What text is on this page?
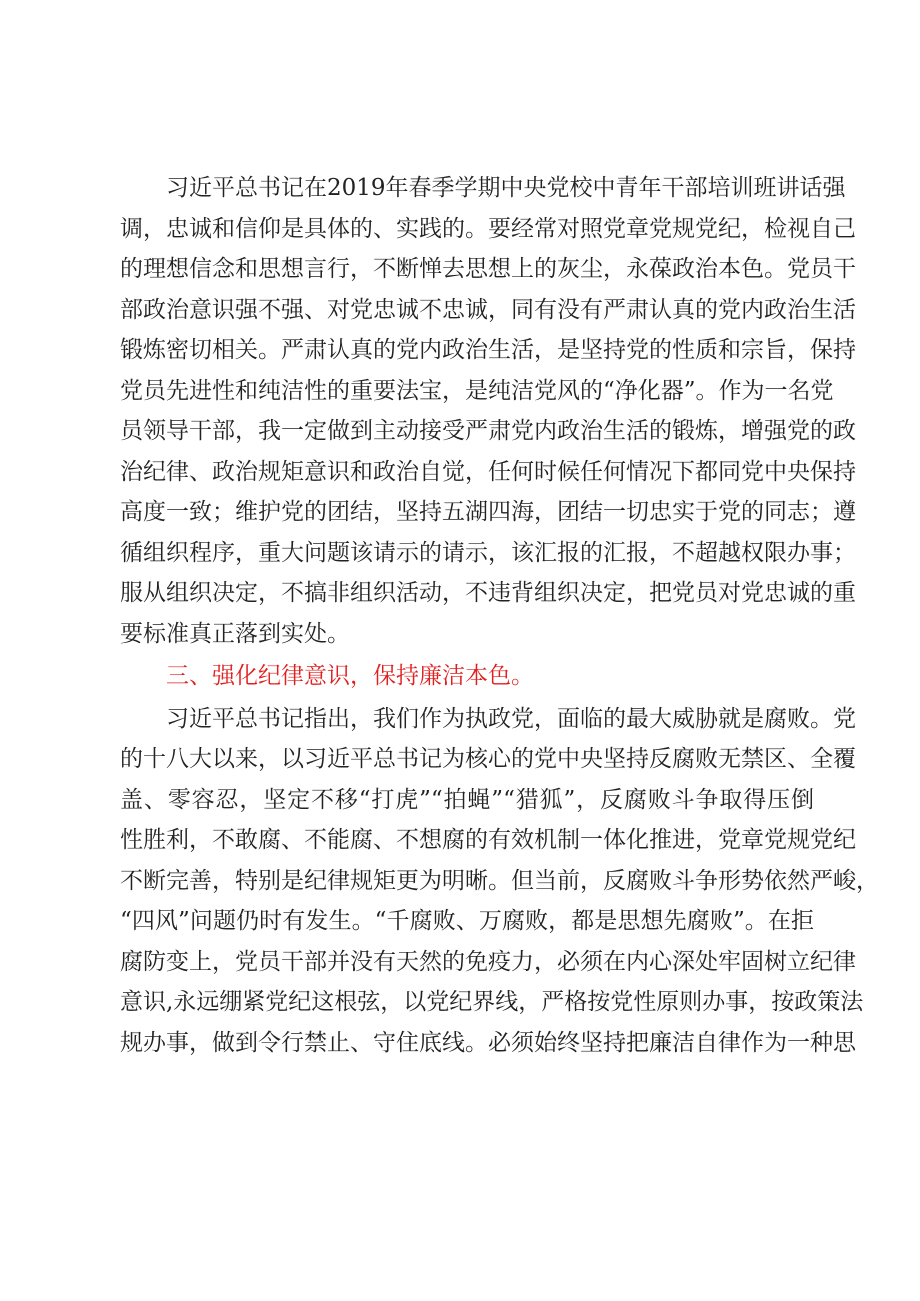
习近平总书记在2019年春季学期中央党校中青年干部培训班讲话强
调，忠诚和信仰是具体的、实践的。要经常对照党章党规党纪，检视自己
的理想信念和思想言行，不断惮去思想上的灰尘，永葆政治本色。党员干
部政治意识强不强、对党忠诚不忠诚，同有没有严肃认真的党内政治生活
锻炼密切相关。严肃认真的党内政治生活，是坚持党的性质和宗旨，保持
党员先进性和纯洁性的重要法宝，是纯洁党风的“净化器”。作为一名党
员领导干部，我一定做到主动接受严肃党内政治生活的锻炼，增强党的政
治纪律、政治规矩意识和政治自觉，任何时候任何情况下都同党中央保持
高度一致；维护党的团结，坚持五湖四海，团结一切忠实于党的同志；遵
循组织程序，重大问题该请示的请示，该汇报的汇报，不超越权限办事；
服从组织决定，不搞非组织活动，不违背组织决定，把党员对党忠诚的重
要标准真正落到实处。
三、强化纪律意识，保持廉洁本色。
习近平总书记指出，我们作为执政党，面临的最大威胁就是腐败。党
的十八大以来，以习近平总书记为核心的党中央坚持反腐败无禁区、全覆
盖、零容忍，坚定不移“打虎”“拍蝇”“猎狐”，反腐败斗争取得压倒
性胜利，不敢腐、不能腐、不想腐的有效机制一体化推进，党章党规党纪
不断完善，特别是纪律规矩更为明晰。但当前，反腐败斗争形势依然严峻，
“四风”问题仍时有发生。“千腐败、万腐败，都是思想先腐败”。在拒
腐防变上，党员干部并没有天然的免疫力，必须在内心深处牢固树立纪律
意识,永远绷紧党纪这根弦，以党纪界线，严格按党性原则办事，按政策法
规办事，做到令行禁止、守住底线。必须始终坚持把廉洁自律作为一种思
